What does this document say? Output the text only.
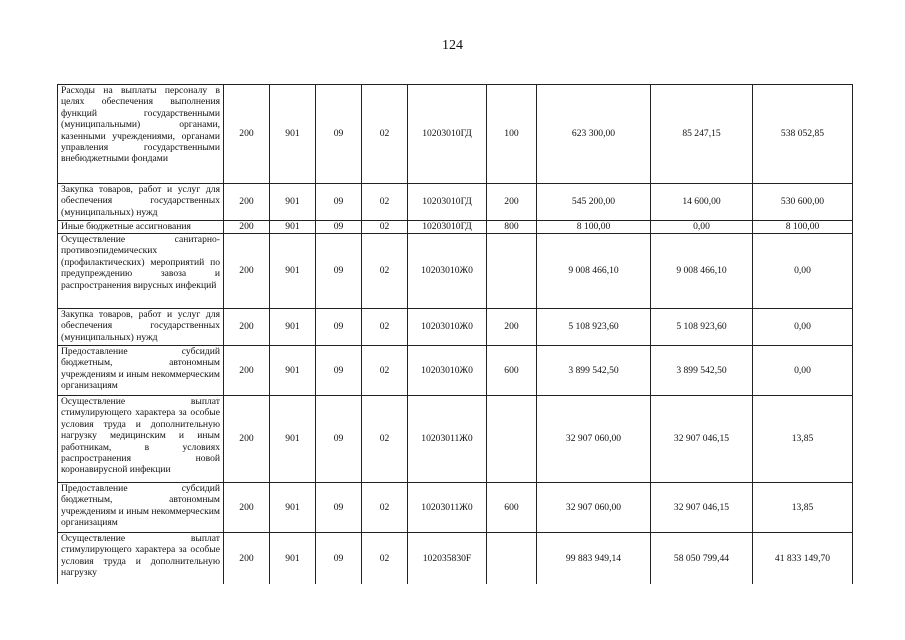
124
Расходы на выплаты персоналу в целях обеспечения выполнения функций государственными (муниципальными) органами, казенными учреждениями, органами управления государственными внебюджетными фондами	200	901	09	02	10203010ГД	100	623 300,00	85 247,15	538 052,85
Закупка товаров, работ и услуг для обеспечения государственных (муниципальных) нужд	200	901	09	02	10203010ГД	200	545 200,00	14 600,00	530 600,00
Иные бюджетные ассигнования	200	901	09	02	10203010ГД	800	8 100,00	0,00	8 100,00
Осуществление санитарно-противоэпидемических (профилактических) мероприятий по предупреждению завоза и распространения вирусных инфекций	200	901	09	02	10203010Ж0		9 008 466,10	9 008 466,10	0,00
Закупка товаров, работ и услуг для обеспечения государственных (муниципальных) нужд	200	901	09	02	10203010Ж0	200	5 108 923,60	5 108 923,60	0,00
Предоставление субсидий бюджетным, автономным учреждениям и иным некоммерческим организациям	200	901	09	02	10203010Ж0	600	3 899 542,50	3 899 542,50	0,00
Осуществление выплат стимулирующего характера за особые условия труда и дополнительную нагрузку медицинским и иным работникам, в условиях распространения новой коронавирусной инфекции	200	901	09	02	10203011Ж0		32 907 060,00	32 907 046,15	13,85
Предоставление субсидий бюджетным, автономным учреждениям и иным некоммерческим организациям	200	901	09	02	10203011Ж0	600	32 907 060,00	32 907 046,15	13,85
Осуществление выплат стимулирующего характера за особые условия труда и дополнительную нагрузку	200	901	09	02	102035830F		99 883 949,14	58 050 799,44	41 833 149,70
